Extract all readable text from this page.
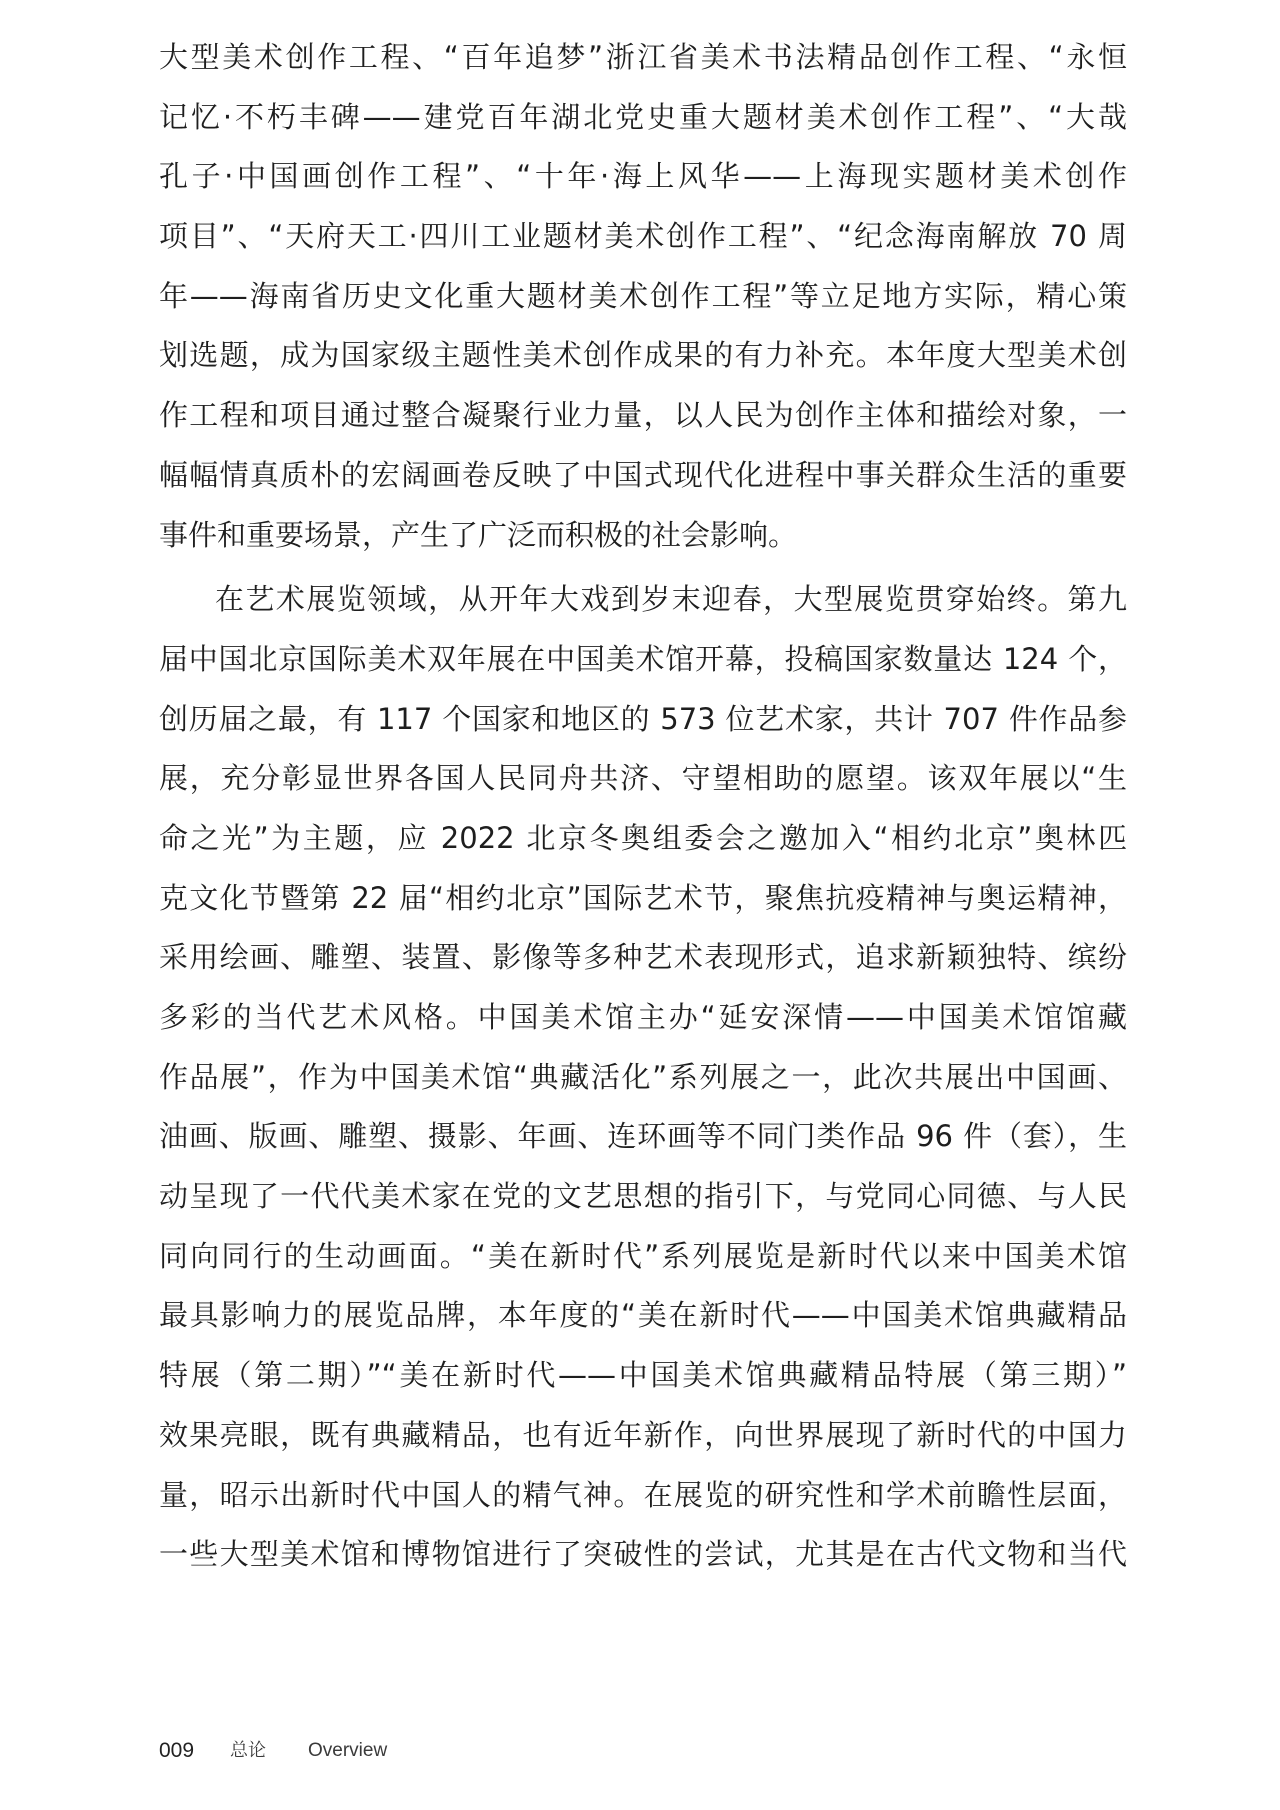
大型美术创作工程、“百年追梦”浙江省美术书法精品创作工程、“永恒
记忆·不朽丰碑——建党百年湖北党史重大题材美术创作工程”、“大哉
孔子·中国画创作工程”、“十年·海上风华——上海现实题材美术创作
项目”、“天府天工·四川工业题材美术创作工程”、“纪念海南解放 70 周
年——海南省历史文化重大题材美术创作工程”等立足地方实际，精心策
划选题，成为国家级主题性美术创作成果的有力补充。本年度大型美术创
作工程和项目通过整合凝聚行业力量，以人民为创作主体和描绘对象，一
幅幅情真质朴的宏阔画卷反映了中国式现代化进程中事关群众生活的重要
事件和重要场景，产生了广泛而积极的社会影响。
在艺术展览领域，从开年大戏到岁末迎春，大型展览贯穿始终。第九
届中国北京国际美术双年展在中国美术馆开幕，投稿国家数量达 124 个，
创历届之最，有 117 个国家和地区的 573 位艺术家，共计 707 件作品参
展，充分彰显世界各国人民同舟共济、守望相助的愿望。该双年展以“生
命之光”为主题，应 2022 北京冬奥组委会之邀加入“相约北京”奥林匹
克文化节暨第 22 届“相约北京”国际艺术节，聚焦抗疫精神与奥运精神，
采用绘画、雕塑、装置、影像等多种艺术表现形式，追求新颖独特、缤纷
多彩的当代艺术风格。中国美术馆主办“延安深情——中国美术馆馆藏
作品展”，作为中国美术馆“典藏活化”系列展之一，此次共展出中国画、
油画、版画、雕塑、摄影、年画、连环画等不同门类作品 96 件（套），生
动呈现了一代代美术家在党的文艺思想的指引下，与党同心同德、与人民
同向同行的生动画面。“美在新时代”系列展览是新时代以来中国美术馆
最具影响力的展览品牌，本年度的“美在新时代——中国美术馆典藏精品
特展（第二期）”“美在新时代——中国美术馆典藏精品特展（第三期）”
效果亮眼，既有典藏精品，也有近年新作，向世界展现了新时代的中国力
量，昭示出新时代中国人的精气神。在展览的研究性和学术前瞻性层面，
一些大型美术馆和博物馆进行了突破性的尝试，尤其是在古代文物和当代
009 总论 Overview
